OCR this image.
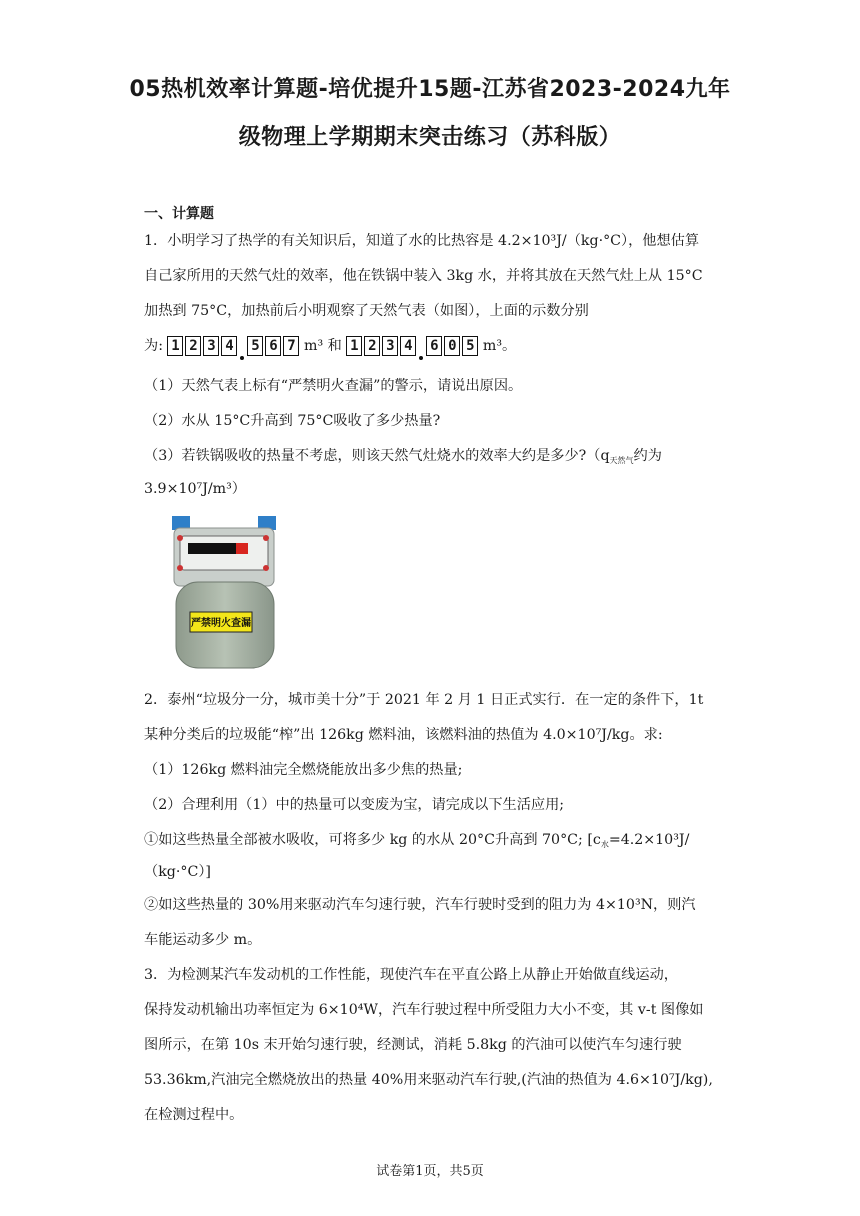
05热机效率计算题-培优提升15题-江苏省2023-2024九年
级物理上学期期末突击练习（苏科版）
一、计算题
1．小明学习了热学的有关知识后，知道了水的比热容是 4.2×10³J/（kg·°C），他想估算
自己家所用的天然气灶的效率，他在铁锅中装入 3kg 水，并将其放在天然气灶上从 15°C
加热到 75°C，加热前后小明观察了天然气表（如图），上面的示数分别
为: 1 2 3 4 5 6 7 m³ 和 1 2 3 4 6 0 5 m³。
（1）天然气表上标有“严禁明火查漏”的警示，请说出原因。
（2）水从 15°C升高到 75°C吸收了多少热量?
（3）若铁锅吸收的热量不考虑，则该天然气灶烧水的效率大约是多少$?(q_{天然气}$约为
3.9×10⁷J/m³）
严禁明火查漏
2．泰州“垃圾分一分，城市美十分”于 2021 年 2 月 1 日正式实行．在一定的条件下，1t
某种分类后的垃圾能“榨”出 126kg 燃料油，该燃料油的热值为 4.0×10⁷J/kg。求:
（1）126kg 燃料油完全燃烧能放出多少焦的热量;
（2）合理利用（1）中的热量可以变废为宝，请完成以下生活应用;
①如这些热量全部被水吸收，可将多少 kg 的水从 20°C升高到 70°C; [$c_水=4.2\times 10^3J/$
（kg·°C）]
②如这些热量的 30%用来驱动汽车匀速行驶，汽车行驶时受到的阻力为 4×10³N，则汽
车能运动多少 m。
3．为检测某汽车发动机的工作性能，现使汽车在平直公路上从静止开始做直线运动，
保持发动机输出功率恒定为 6×10⁴W，汽车行驶过程中所受阻力大小不变，其 v-t 图像如
图所示，在第 10s 末开始匀速行驶，经测试，消耗 5.8kg 的汽油可以使汽车匀速行驶
53.36km,汽油完全燃烧放出的热量 40%用来驱动汽车行驶,(汽油的热值为 4.6×10⁷J/kg),
在检测过程中。
试卷第1页，共5页
